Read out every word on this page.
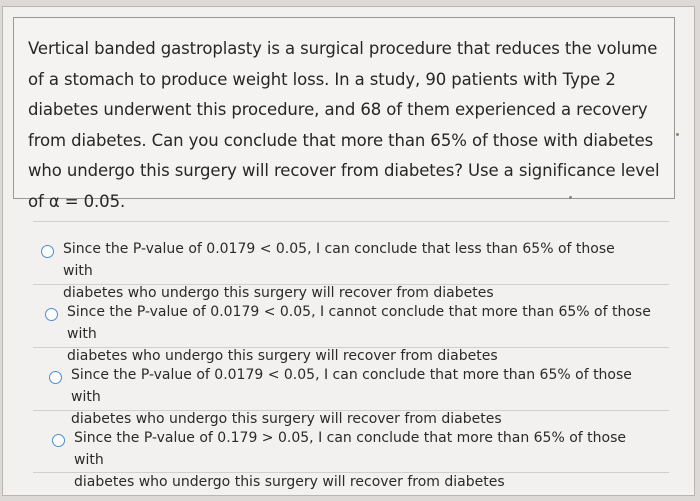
Vertical banded gastroplasty is a surgical procedure that reduces the volume of a stomach to produce weight loss. In a study, 90 patients with Type 2 diabetes underwent this procedure, and 68 of them experienced a recovery from diabetes. Can you conclude that more than 65% of those with diabetes who undergo this surgery will recover from diabetes? Use a significance level of α = 0.05.

Since the P-value of 0.0179 < 0.05, I can conclude that less than 65% of those with
diabetes who undergo this surgery will recover from diabetes

Since the P-value of 0.0179 < 0.05, I cannot conclude that more than 65% of those with
diabetes who undergo this surgery will recover from diabetes

Since the P-value of 0.0179 < 0.05, I can conclude that more than 65% of those with
diabetes who undergo this surgery will recover from diabetes

Since the P-value of 0.179 > 0.05, I can conclude that more than 65% of those with
diabetes who undergo this surgery will recover from diabetes
